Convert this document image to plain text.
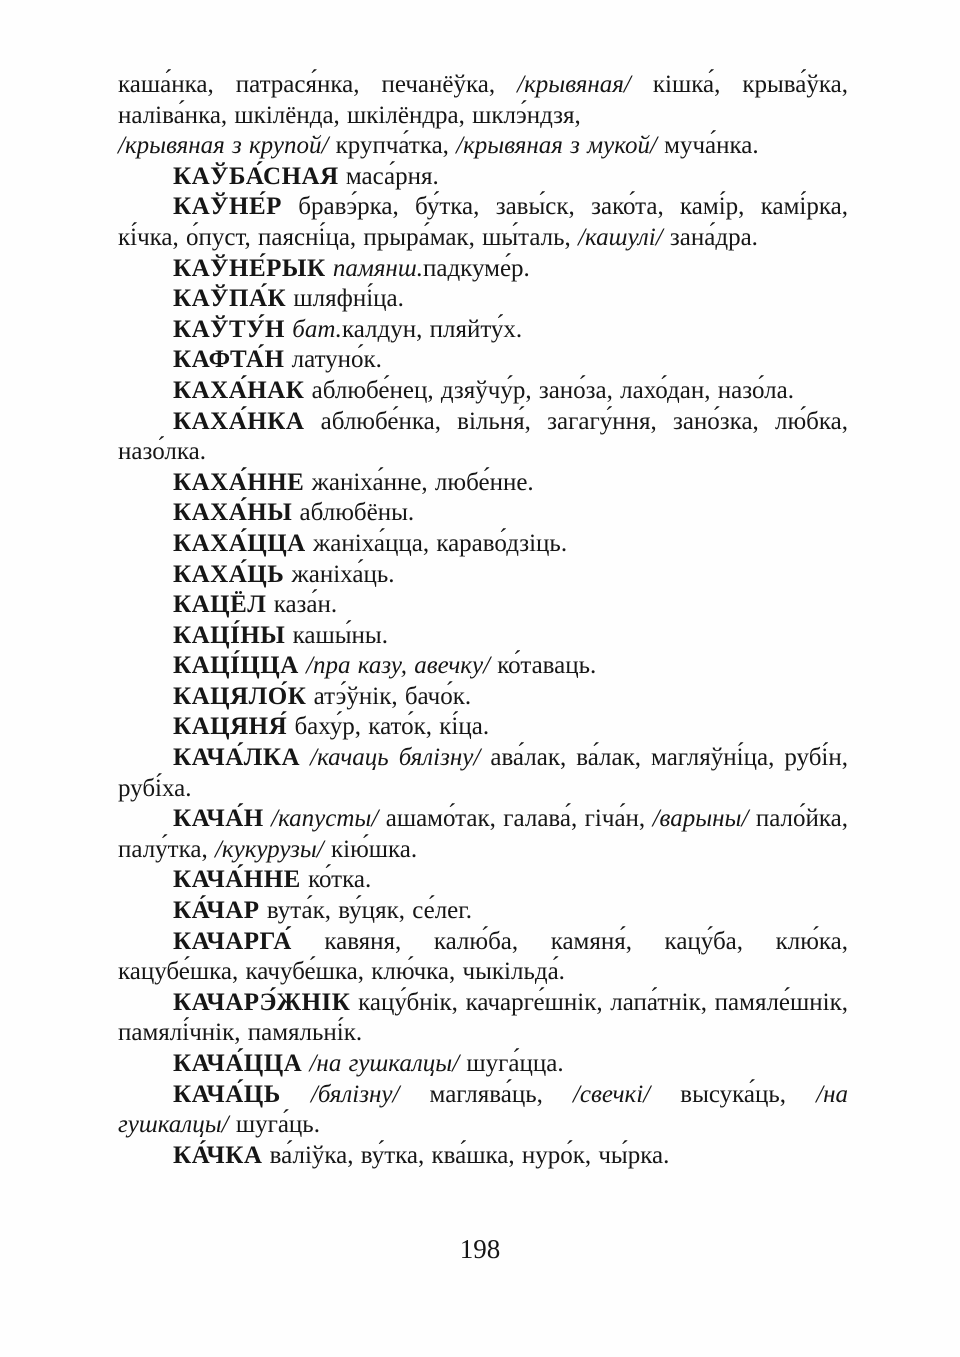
каша́нка, патрася́нка, печанёўка, /крывяная/ кішка́, крыва́ўка, наліва́нка, шкілёнда, шкілёндра, шклэ́ндзя,
/крывяная з крупой/ крупча́тка, /крывяная з мукой/ муча́нка.

КАЎБА́СНАЯ маса́рня.

КАЎНЕ́Р бравэ́рка, бу́тка, завы́ск, зако́та, камі́р, камі́рка, кі́чка, о́пуст, паясні́ца, прыра́мак, шы́таль, /кашулі/ зана́дра.

КАЎНЕ́РЫК памянш.падкуме́р.

КАЎПА́К шляфні́ца.

КАЎТУ́Н бат.калдун, пляйту́х.

КАФТА́Н латуно́к.

КАХА́НАК аблюбе́нец, дзяўчу́р, зано́за, лахо́дан, назо́ла.

КАХА́НКА аблюбе́нка, вільня́, загагу́ння, зано́зка, лю́бка, назо́лка.

КАХА́ННЕ жаніха́нне, любе́нне.

КАХА́НЫ аблюбёны.

КАХА́ЦЦА жаніха́цца, караво́дзіць.

КАХА́ЦЬ жаніха́ць.

КАЦЁЛ каза́н.

КАЦІ́НЫ кашы́ны.

КАЦІ́ЦЦА /пра казу, авечку/ ко́таваць.

КАЦЯЛО́К атэ́ўнік, бачо́к.

КАЦЯНЯ́ баху́р, като́к, кі́ца.

КАЧА́ЛКА /качаць бялізну/ ава́лак, ва́лак, магляўні́ца, рубі́н, рубі́ха.

КАЧА́Н /капусты/ ашамо́так, галава́, гіча́н, /варыны/ пало́йка, палу́тка, /кукурузы/ кію́шка.

КАЧА́ННЕ ко́тка.

КА́ЧАР вута́к, ву́цяк, се́лег.

КАЧАРГА́ кавяня, калю́ба, камяня́, кацу́ба, клю́ка, кацубе́шка, качубе́шка, клю́чка, чыкільда́.

КАЧАРЭ́ЖНІК кацу́бнік, качарге́шнік, лапа́тнік, памяле́шнік, памялі́чнік, памяльні́к.

КАЧА́ЦЦА /на гушкалцы/ шуга́цца.

КАЧА́ЦЬ /бялізну/ маглява́ць, /свечкі/ высука́ць, /на гушкалцы/ шуга́ць.

КА́ЧКА ва́ліўка, ву́тка, ква́шка, нуро́к, чы́рка.

198
